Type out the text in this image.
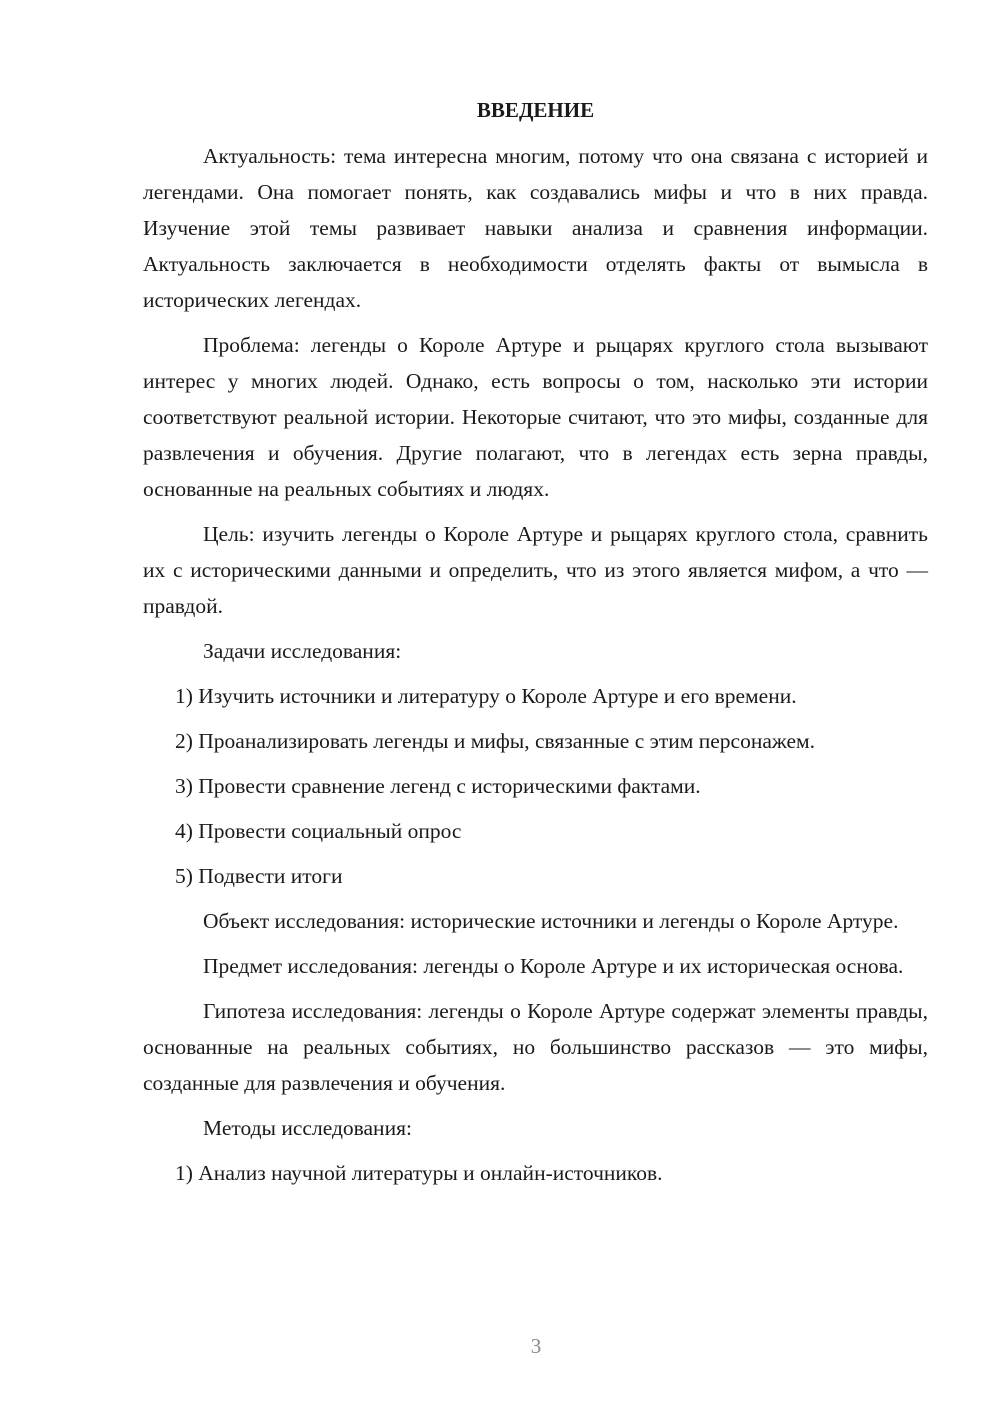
ВВЕДЕНИЕ

Актуальность: тема интересна многим, потому что она связана с историей и легендами. Она помогает понять, как создавались мифы и что в них правда. Изучение этой темы развивает навыки анализа и сравнения информации. Актуальность заключается в необходимости отделять факты от вымысла в исторических легендах.

Проблема: легенды о Короле Артуре и рыцарях круглого стола вызывают интерес у многих людей. Однако, есть вопросы о том, насколько эти истории соответствуют реальной истории. Некоторые считают, что это мифы, созданные для развлечения и обучения. Другие полагают, что в легендах есть зерна правды, основанные на реальных событиях и людях.

Цель: изучить легенды о Короле Артуре и рыцарях круглого стола, сравнить их с историческими данными и определить, что из этого является мифом, а что — правдой.

Задачи исследования:

1) Изучить источники и литературу о Короле Артуре и его времени.

2) Проанализировать легенды и мифы, связанные с этим персонажем.

3) Провести сравнение легенд с историческими фактами.

4) Провести социальный опрос

5) Подвести итоги

Объект исследования: исторические источники и легенды о Короле Артуре.

Предмет исследования: легенды о Короле Артуре и их историческая основа.

Гипотеза исследования: легенды о Короле Артуре содержат элементы правды, основанные на реальных событиях, но большинство рассказов — это мифы, созданные для развлечения и обучения.

Методы исследования:

1) Анализ научной литературы и онлайн-источников.

3
